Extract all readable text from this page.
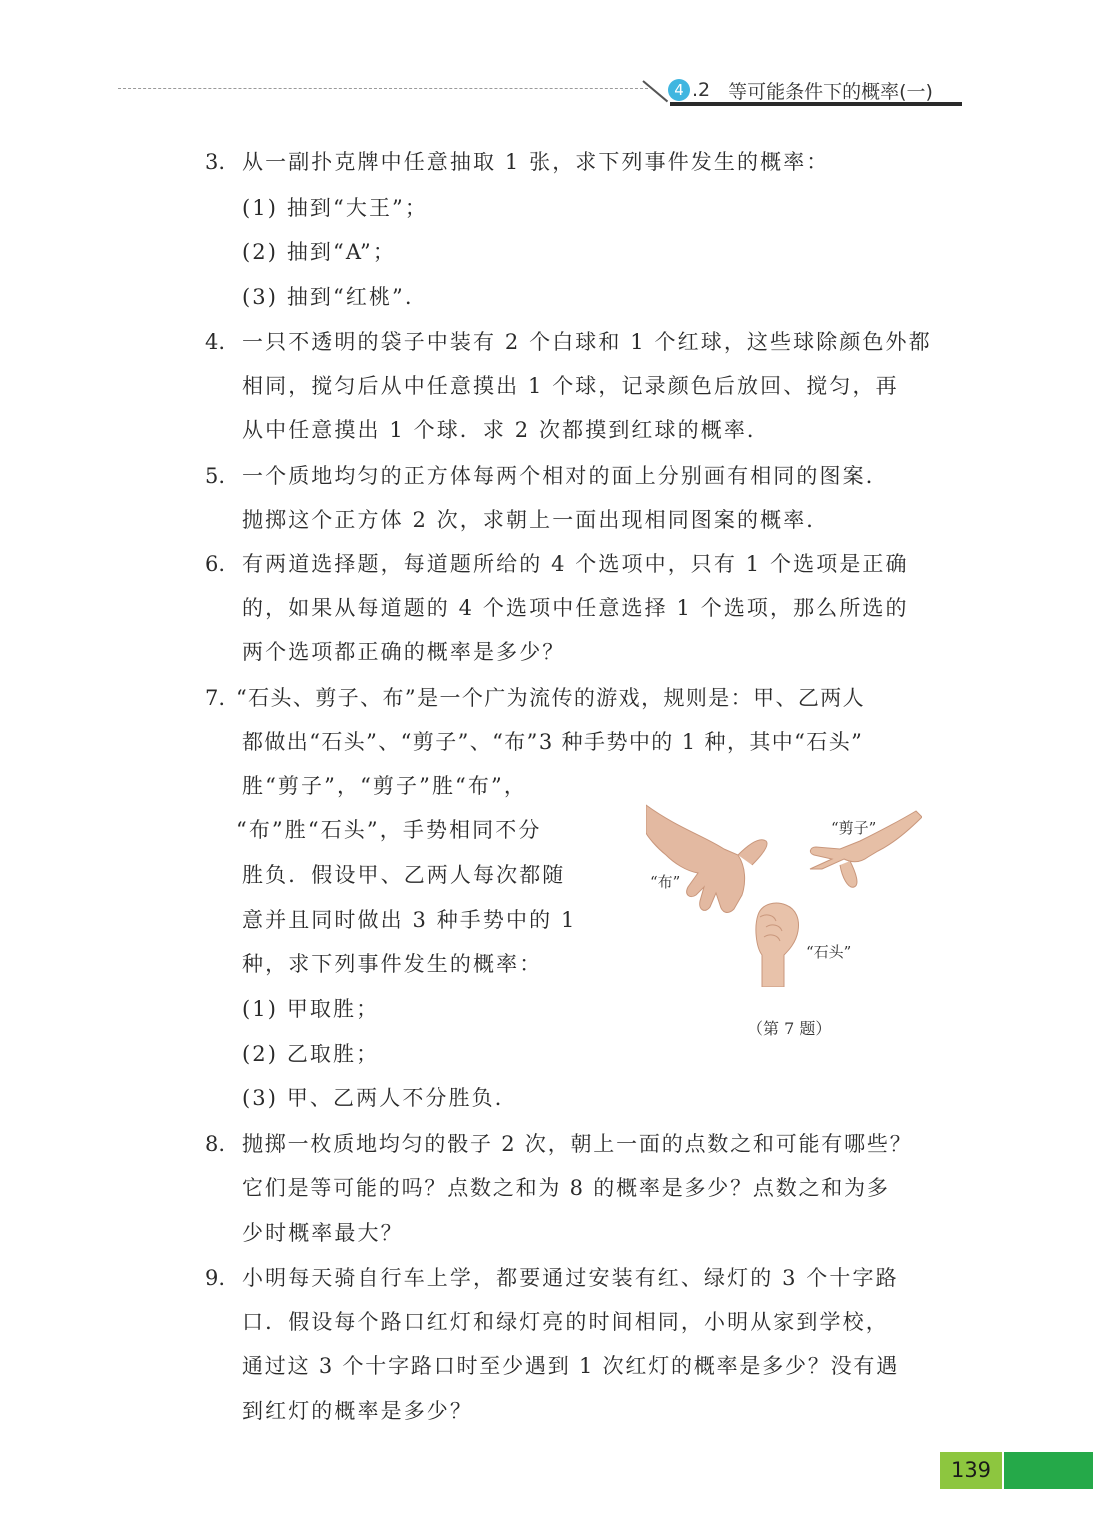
4 .2 等可能条件下的概率(一)
3. 从一副扑克牌中任意抽取 1 张，求下列事件发生的概率：
(1) 抽到“大王”；
(2) 抽到“A”；
(3) 抽到“红桃”.
4. 一只不透明的袋子中装有 2 个白球和 1 个红球，这些球除颜色外都
相同，搅匀后从中任意摸出 1 个球，记录颜色后放回、搅匀，再
从中任意摸出 1 个球．求 2 次都摸到红球的概率．
5. 一个质地均匀的正方体每两个相对的面上分别画有相同的图案．
抛掷这个正方体 2 次，求朝上一面出现相同图案的概率．
6. 有两道选择题，每道题所给的 4 个选项中，只有 1 个选项是正确
的，如果从每道题的 4 个选项中任意选择 1 个选项，那么所选的
两个选项都正确的概率是多少？
7. “石头、剪子、布”是一个广为流传的游戏，规则是：甲、乙两人
都做出“石头”、“剪子”、“布”3 种手势中的 1 种，其中“石头”
胜“剪子”，“剪子”胜“布”，
“布”胜“石头”，手势相同不分
胜负．假设甲、乙两人每次都随
意并且同时做出 3 种手势中的 1
种，求下列事件发生的概率：
(1) 甲取胜；
(2) 乙取胜；
(3) 甲、乙两人不分胜负．
“剪子”
“布”
“石头”
（第 7 题）
8. 抛掷一枚质地均匀的骰子 2 次，朝上一面的点数之和可能有哪些？
它们是等可能的吗？点数之和为 8 的概率是多少？点数之和为多
少时概率最大？
9. 小明每天骑自行车上学，都要通过安装有红、绿灯的 3 个十字路
口．假设每个路口红灯和绿灯亮的时间相同，小明从家到学校，
通过这 3 个十字路口时至少遇到 1 次红灯的概率是多少？没有遇
到红灯的概率是多少？
139
